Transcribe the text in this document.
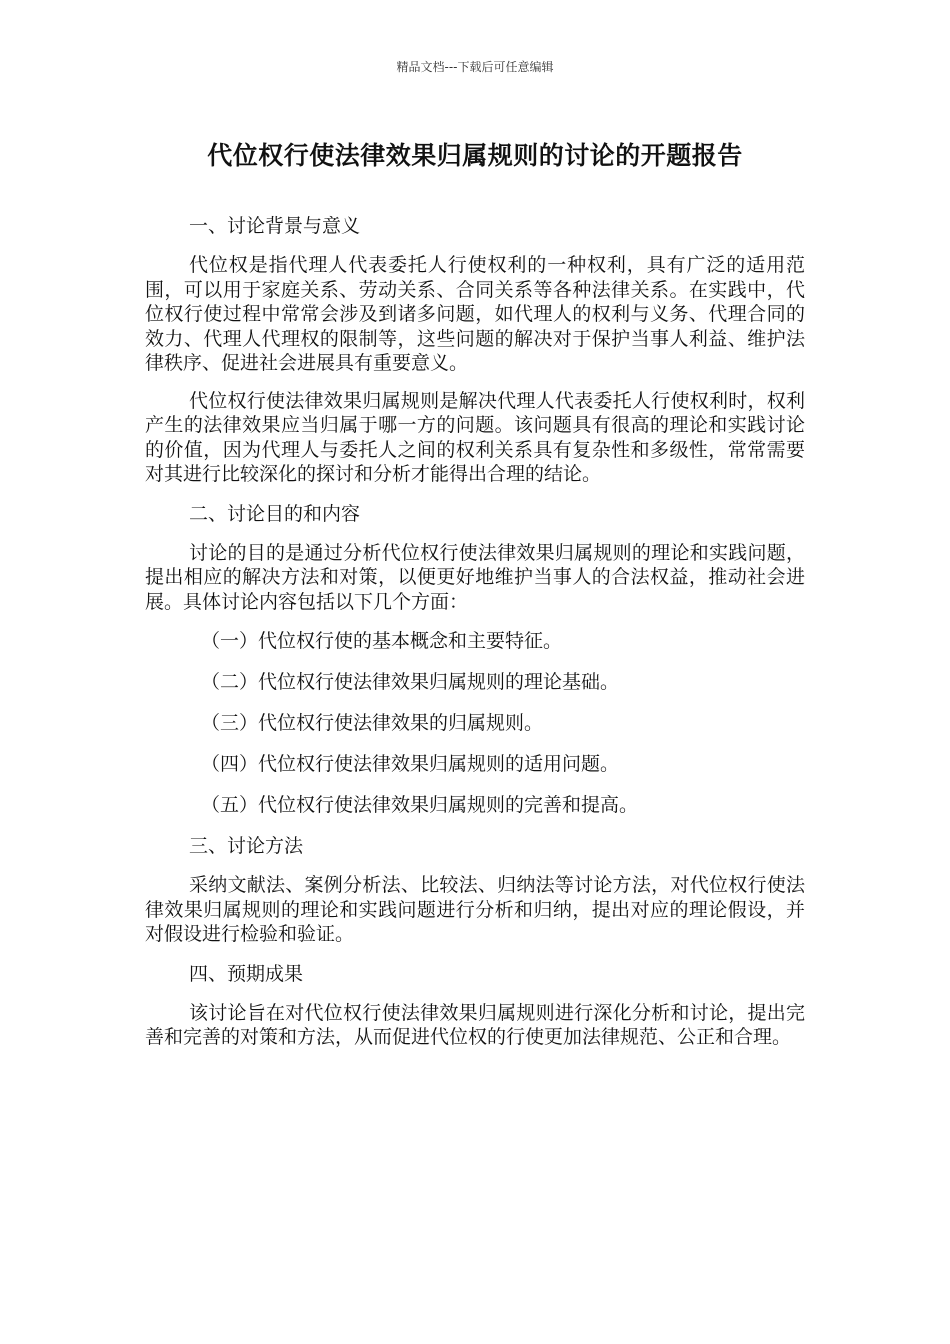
精品文档---下载后可任意编辑
代位权行使法律效果归属规则的讨论的开题报告
一、讨论背景与意义
代位权是指代理人代表委托人行使权利的一种权利，具有广泛的适用范围，可以用于家庭关系、劳动关系、合同关系等各种法律关系。在实践中，代位权行使过程中常常会涉及到诸多问题，如代理人的权利与义务、代理合同的效力、代理人代理权的限制等，这些问题的解决对于保护当事人利益、维护法律秩序、促进社会进展具有重要意义。
代位权行使法律效果归属规则是解决代理人代表委托人行使权利时，权利产生的法律效果应当归属于哪一方的问题。该问题具有很高的理论和实践讨论的价值，因为代理人与委托人之间的权利关系具有复杂性和多级性，常常需要对其进行比较深化的探讨和分析才能得出合理的结论。
二、讨论目的和内容
讨论的目的是通过分析代位权行使法律效果归属规则的理论和实践问题，提出相应的解决方法和对策，以便更好地维护当事人的合法权益，推动社会进展。具体讨论内容包括以下几个方面：
（一）代位权行使的基本概念和主要特征。
（二）代位权行使法律效果归属规则的理论基础。
（三）代位权行使法律效果的归属规则。
（四）代位权行使法律效果归属规则的适用问题。
（五）代位权行使法律效果归属规则的完善和提高。
三、讨论方法
采纳文献法、案例分析法、比较法、归纳法等讨论方法，对代位权行使法律效果归属规则的理论和实践问题进行分析和归纳，提出对应的理论假设，并对假设进行检验和验证。
四、预期成果
该讨论旨在对代位权行使法律效果归属规则进行深化分析和讨论，提出完善和完善的对策和方法，从而促进代位权的行使更加法律规范、公正和合理。
